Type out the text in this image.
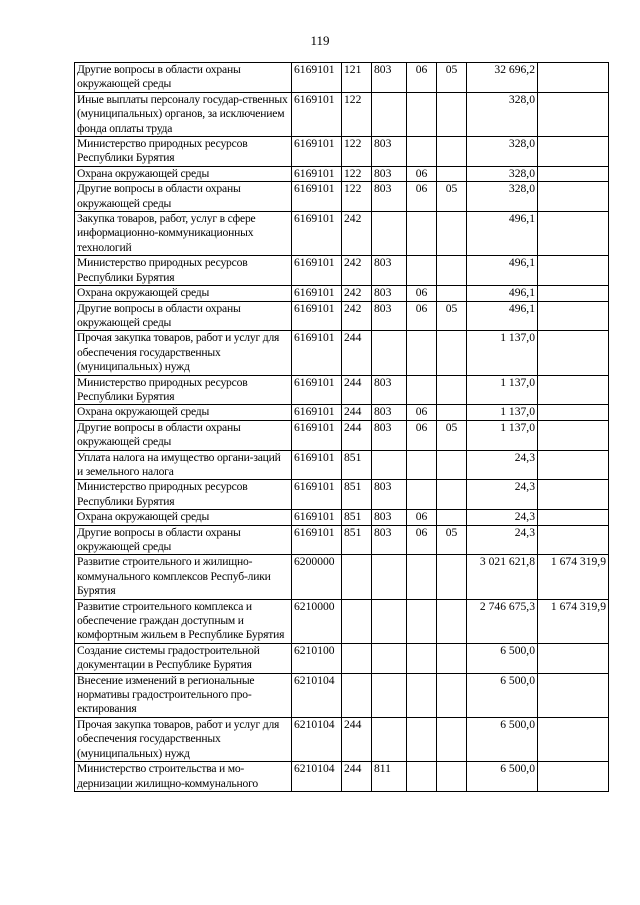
119
Другие вопросы в области охраны окружающей среды	6169101	121	803	06	05	32 696,2	
Иные выплаты персоналу государ-ственных (муниципальных) органов, за исключением фонда оплаты труда	6169101	122				328,0	
Министерство природных ресурсов Республики Бурятия	6169101	122	803			328,0	
Охрана окружающей среды	6169101	122	803	06		328,0	
Другие вопросы в области охраны окружающей среды	6169101	122	803	06	05	328,0	
Закупка товаров, работ, услуг в сфере информационно-коммуникационных технологий	6169101	242				496,1	
Министерство природных ресурсов Республики Бурятия	6169101	242	803			496,1	
Охрана окружающей среды	6169101	242	803	06		496,1	
Другие вопросы в области охраны окружающей среды	6169101	242	803	06	05	496,1	
Прочая закупка товаров, работ и услуг для обеспечения государственных (муниципальных) нужд	6169101	244				1 137,0	
Министерство природных ресурсов Республики Бурятия	6169101	244	803			1 137,0	
Охрана окружающей среды	6169101	244	803	06		1 137,0	
Другие вопросы в области охраны окружающей среды	6169101	244	803	06	05	1 137,0	
Уплата налога на имущество органи-заций и земельного налога	6169101	851				24,3	
Министерство природных ресурсов Республики Бурятия	6169101	851	803			24,3	
Охрана окружающей среды	6169101	851	803	06		24,3	
Другие вопросы в области охраны окружающей среды	6169101	851	803	06	05	24,3	
Развитие строительного и жилищно-коммунального комплексов Респуб-лики Бурятия	6200000					3 021 621,8	1 674 319,9
Развитие строительного комплекса и обеспечение граждан доступным и комфортным жильем в Республике Бурятия	6210000					2 746 675,3	1 674 319,9
Создание системы градостроительной документации в Республике Бурятия	6210100					6 500,0	
Внесение изменений в региональные нормативы градостроительного про-ектирования	6210104					6 500,0	
Прочая закупка товаров, работ и услуг для обеспечения государственных (муниципальных) нужд	6210104	244				6 500,0	
Министерство строительства и мо-дернизации жилищно-коммунального	6210104	244	811			6 500,0	
